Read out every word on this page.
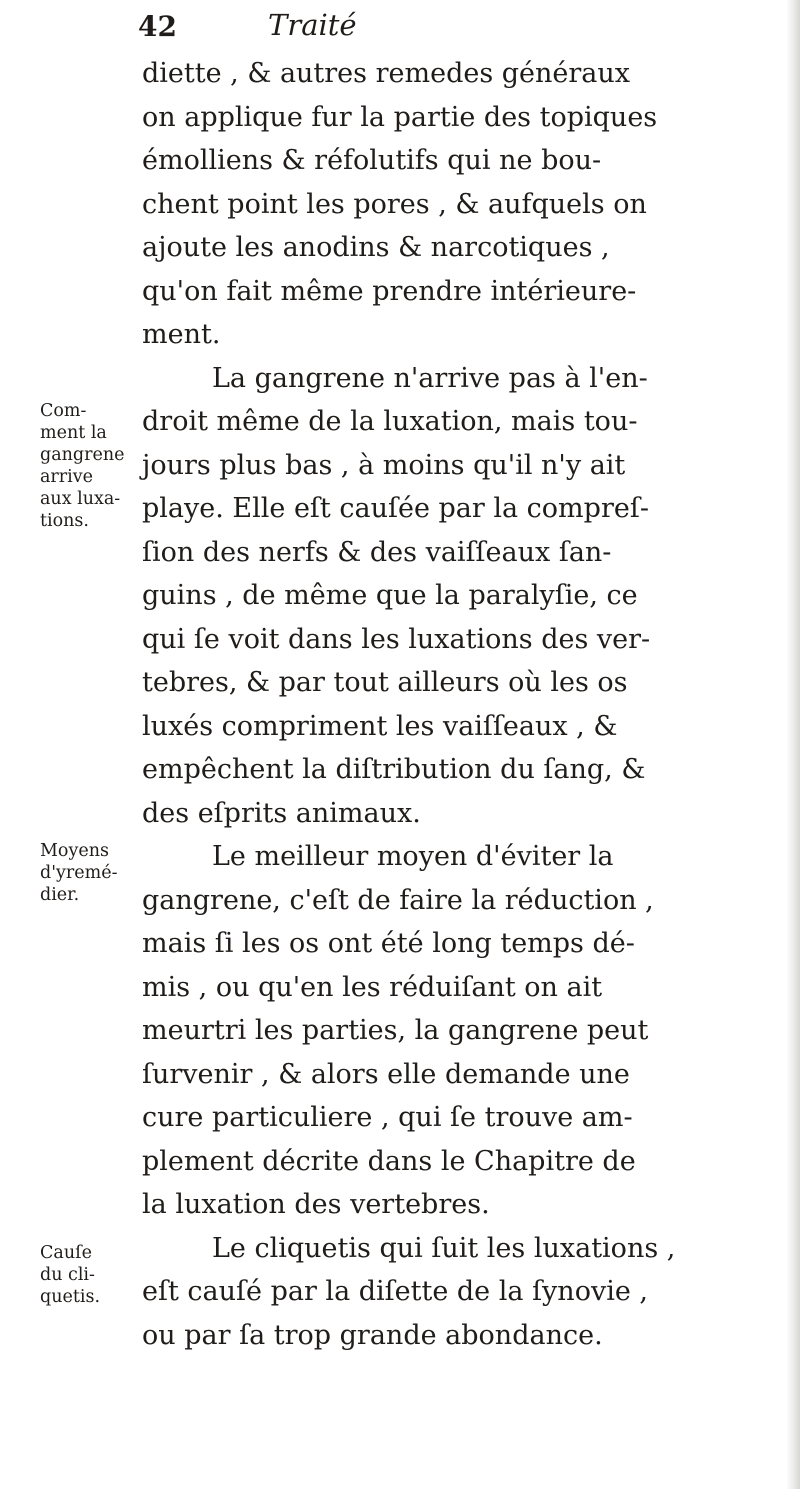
42	Traité
diette , & autres remedes généraux
on applique fur la partie des topiques
émolliens & réfolutifs qui ne bou-
chent point les pores , & aufquels on
ajoute les anodins & narcotiques ,
qu'on fait même prendre intérieure-
ment.
La gangrene n'arrive pas à l'en-
droit même de la luxation, mais tou-
jours plus bas , à moins qu'il n'y ait
playe. Elle eſt cauſée par la compreſ-
ſion des nerfs & des vaiſſeaux ſan-
guins , de même que la paralyſie, ce
qui ſe voit dans les luxations des ver-
tebres, & par tout ailleurs où les os
luxés compriment les vaiſſeaux , &
empêchent la diſtribution du ſang, &
des eſprits animaux.
Le meilleur moyen d'éviter la
gangrene, c'eſt de faire la réduction ,
mais ſi les os ont été long temps dé-
mis , ou qu'en les réduiſant on ait
meurtri les parties, la gangrene peut
ſurvenir , & alors elle demande une
cure particuliere , qui ſe trouve am-
plement décrite dans le Chapitre de
la luxation des vertebres.
Le cliquetis qui ſuit les luxations ,
eſt cauſé par la diſette de la ſynovie ,
ou par ſa trop grande abondance.
Com-
ment la
gangrene
arrive
aux luxa-
tions.
Moyens
d'yremé-
dier.
Cauſe
du cli-
quetis.
